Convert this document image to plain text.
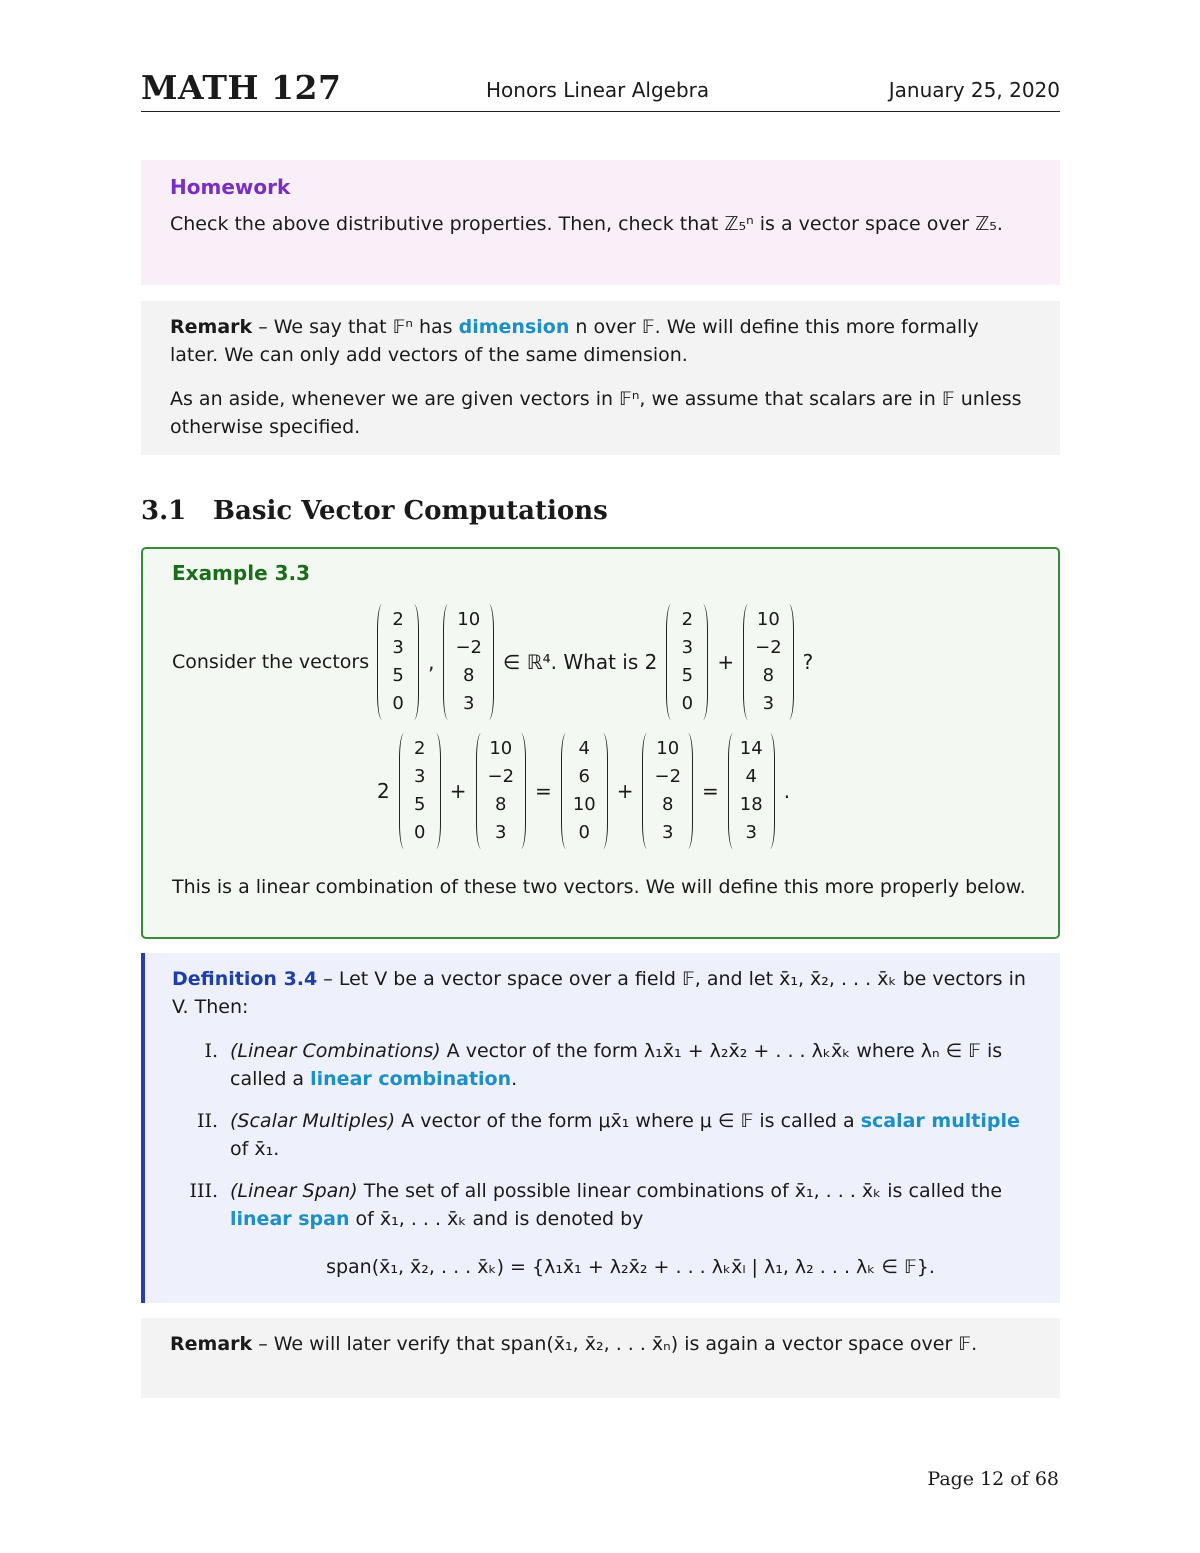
MATH 127	Honors Linear Algebra	January 25, 2020
Homework

Check the above distributive properties. Then, check that ℤ₅ⁿ is a vector space over ℤ₅.

Remark – We say that 𝔽ⁿ has dimension n over 𝔽. We will define this more formally later. We can only add vectors of the same dimension.

As an aside, whenever we are given vectors in 𝔽ⁿ, we assume that scalars are in 𝔽 unless otherwise specified.

3.1 Basic Vector Computations
Example 3.3
Consider the vectors
2
3
5
0
,
10
−2
8
3
∈ ℝ⁴. What is 2
2
3
5
0
+
10
−2
8
3
?
2
2
3
5
0
+
10
−2
8
3
=
4
6
10
0
+
10
−2
8
3
=
14
4
18
3
.

This is a linear combination of these two vectors. We will define this more properly below.

Definition 3.4 – Let V be a vector space over a field 𝔽, and let x̄₁, x̄₂, . . . x̄ₖ be vectors in V. Then:

I. (Linear Combinations) A vector of the form λ₁x̄₁ + λ₂x̄₂ + . . . λₖx̄ₖ where λₙ ∈ 𝔽 is called a linear combination.
II. (Scalar Multiples) A vector of the form μx̄₁ where μ ∈ 𝔽 is called a scalar multiple of x̄₁.
III. (Linear Span) The set of all possible linear combinations of x̄₁, . . . x̄ₖ is called the linear span of x̄₁, . . . x̄ₖ and is denoted by
span(x̄₁, x̄₂, . . . x̄ₖ) = {λ₁x̄₁ + λ₂x̄₂ + . . . λₖx̄ₗ | λ₁, λ₂ . . . λₖ ∈ 𝔽}.

Remark – We will later verify that span(x̄₁, x̄₂, . . . x̄ₙ) is again a vector space over 𝔽.

Page 12 of 68
